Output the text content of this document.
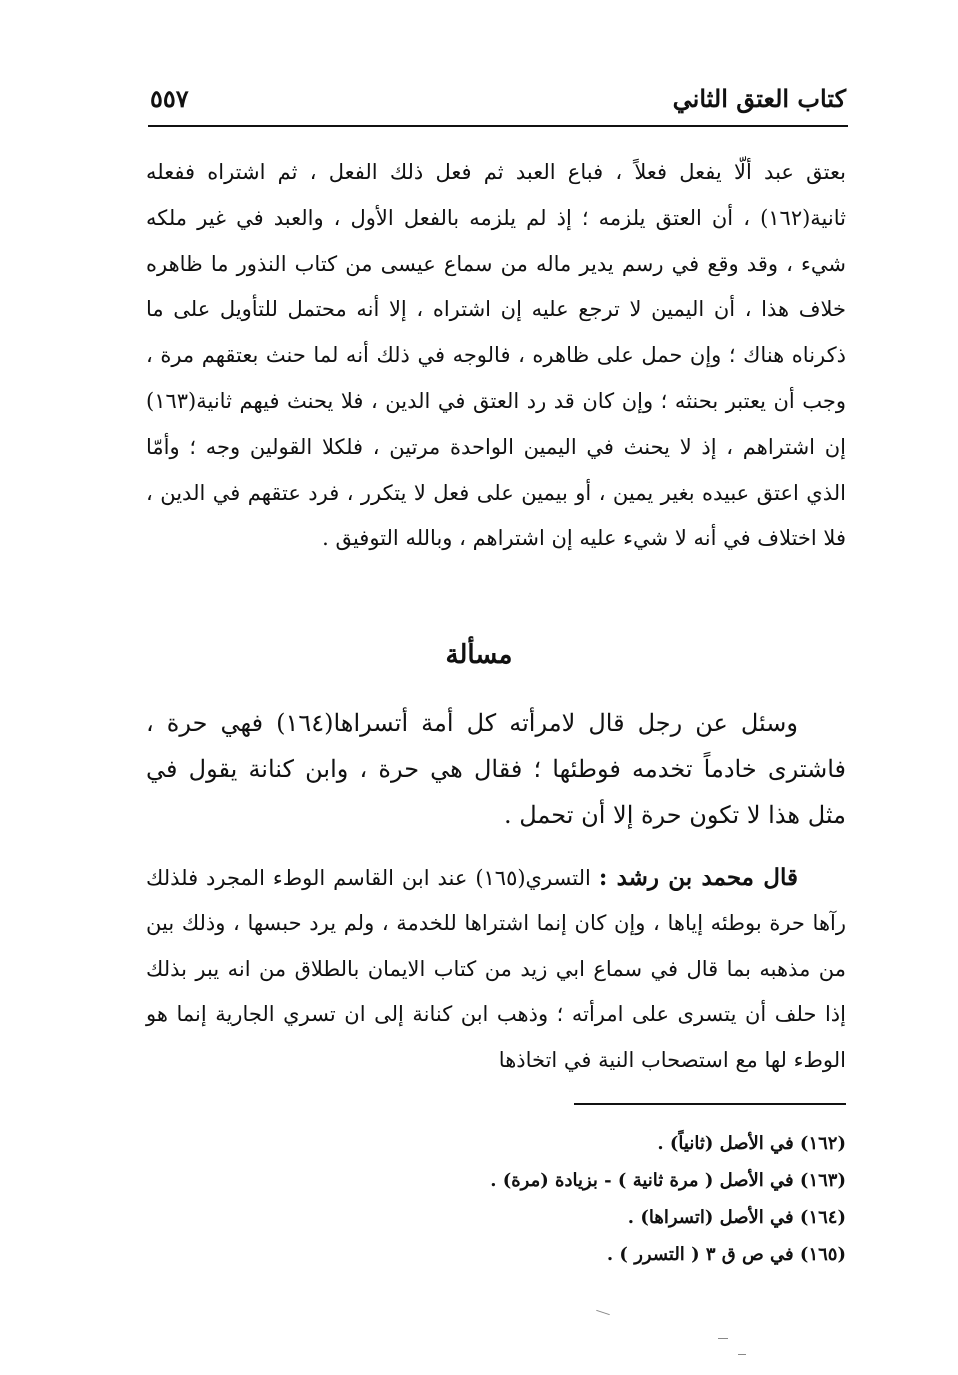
كتاب العتق الثاني
٥٥٧

بعتق عبد ألّا يفعل فعلاً ، فباع العبد ثم فعل ذلك الفعل ، ثم اشتراه ففعله ثانية(١٦٢) ، أن العتق يلزمه ؛ إذ لم يلزمه بالفعل الأول ، والعبد في غير ملكه شيء ، وقد وقع في رسم يدير ماله من سماع عيسى من كتاب النذور ما ظاهره خلاف هذا ، أن اليمين لا ترجع عليه إن اشتراه ، إلا أنه محتمل للتأويل على ما ذكرناه هناك ؛ وإن حمل على ظاهره ، فالوجه في ذلك أنه لما حنث بعتقهم مرة ، وجب أن يعتبر بحنثه ؛ وإن كان قد رد العتق في الدين ، فلا يحنث فيهم ثانية(١٦٣) إن اشتراهم ، إذ لا يحنث في اليمين الواحدة مرتين ، فلكلا القولين وجه ؛ وأمّا الذي اعتق عبيده بغير يمين ، أو بيمين على فعل لا يتكرر ، فرد عتقهم في الدين ، فلا اختلاف في أنه لا شيء عليه إن اشتراهم ، وبالله التوفيق .

مسألة

وسئل عن رجل قال لامرأته كل أمة أتسراها(١٦٤) فهي حرة ، فاشترى خادماً تخدمه فوطئها ؛ فقال هي حرة ، وابن كنانة يقول في مثل هذا لا تكون حرة إلا أن تحمل .

قال محمد بن رشد : التسري(١٦٥) عند ابن القاسم الوطء المجرد فلذلك رآها حرة بوطئه إياها ، وإن كان إنما اشتراها للخدمة ، ولم يرد حبسها ، وذلك بين من مذهبه بما قال في سماع ابي زيد من كتاب الايمان بالطلاق من انه يبر بذلك إذا حلف أن يتسرى على امرأته ؛ وذهب ابن كنانة إلى ان تسري الجارية إنما هو الوطء لها مع استصحاب النية في اتخاذها

(١٦٢) في الأصل (ثانياً) .
(١٦٣) في الأصل ( مرة ثانية ) - بزيادة (مرة) .
(١٦٤) في الأصل (اتسراها) .
(١٦٥) في ص ق ٣ ( التسرر ) .
